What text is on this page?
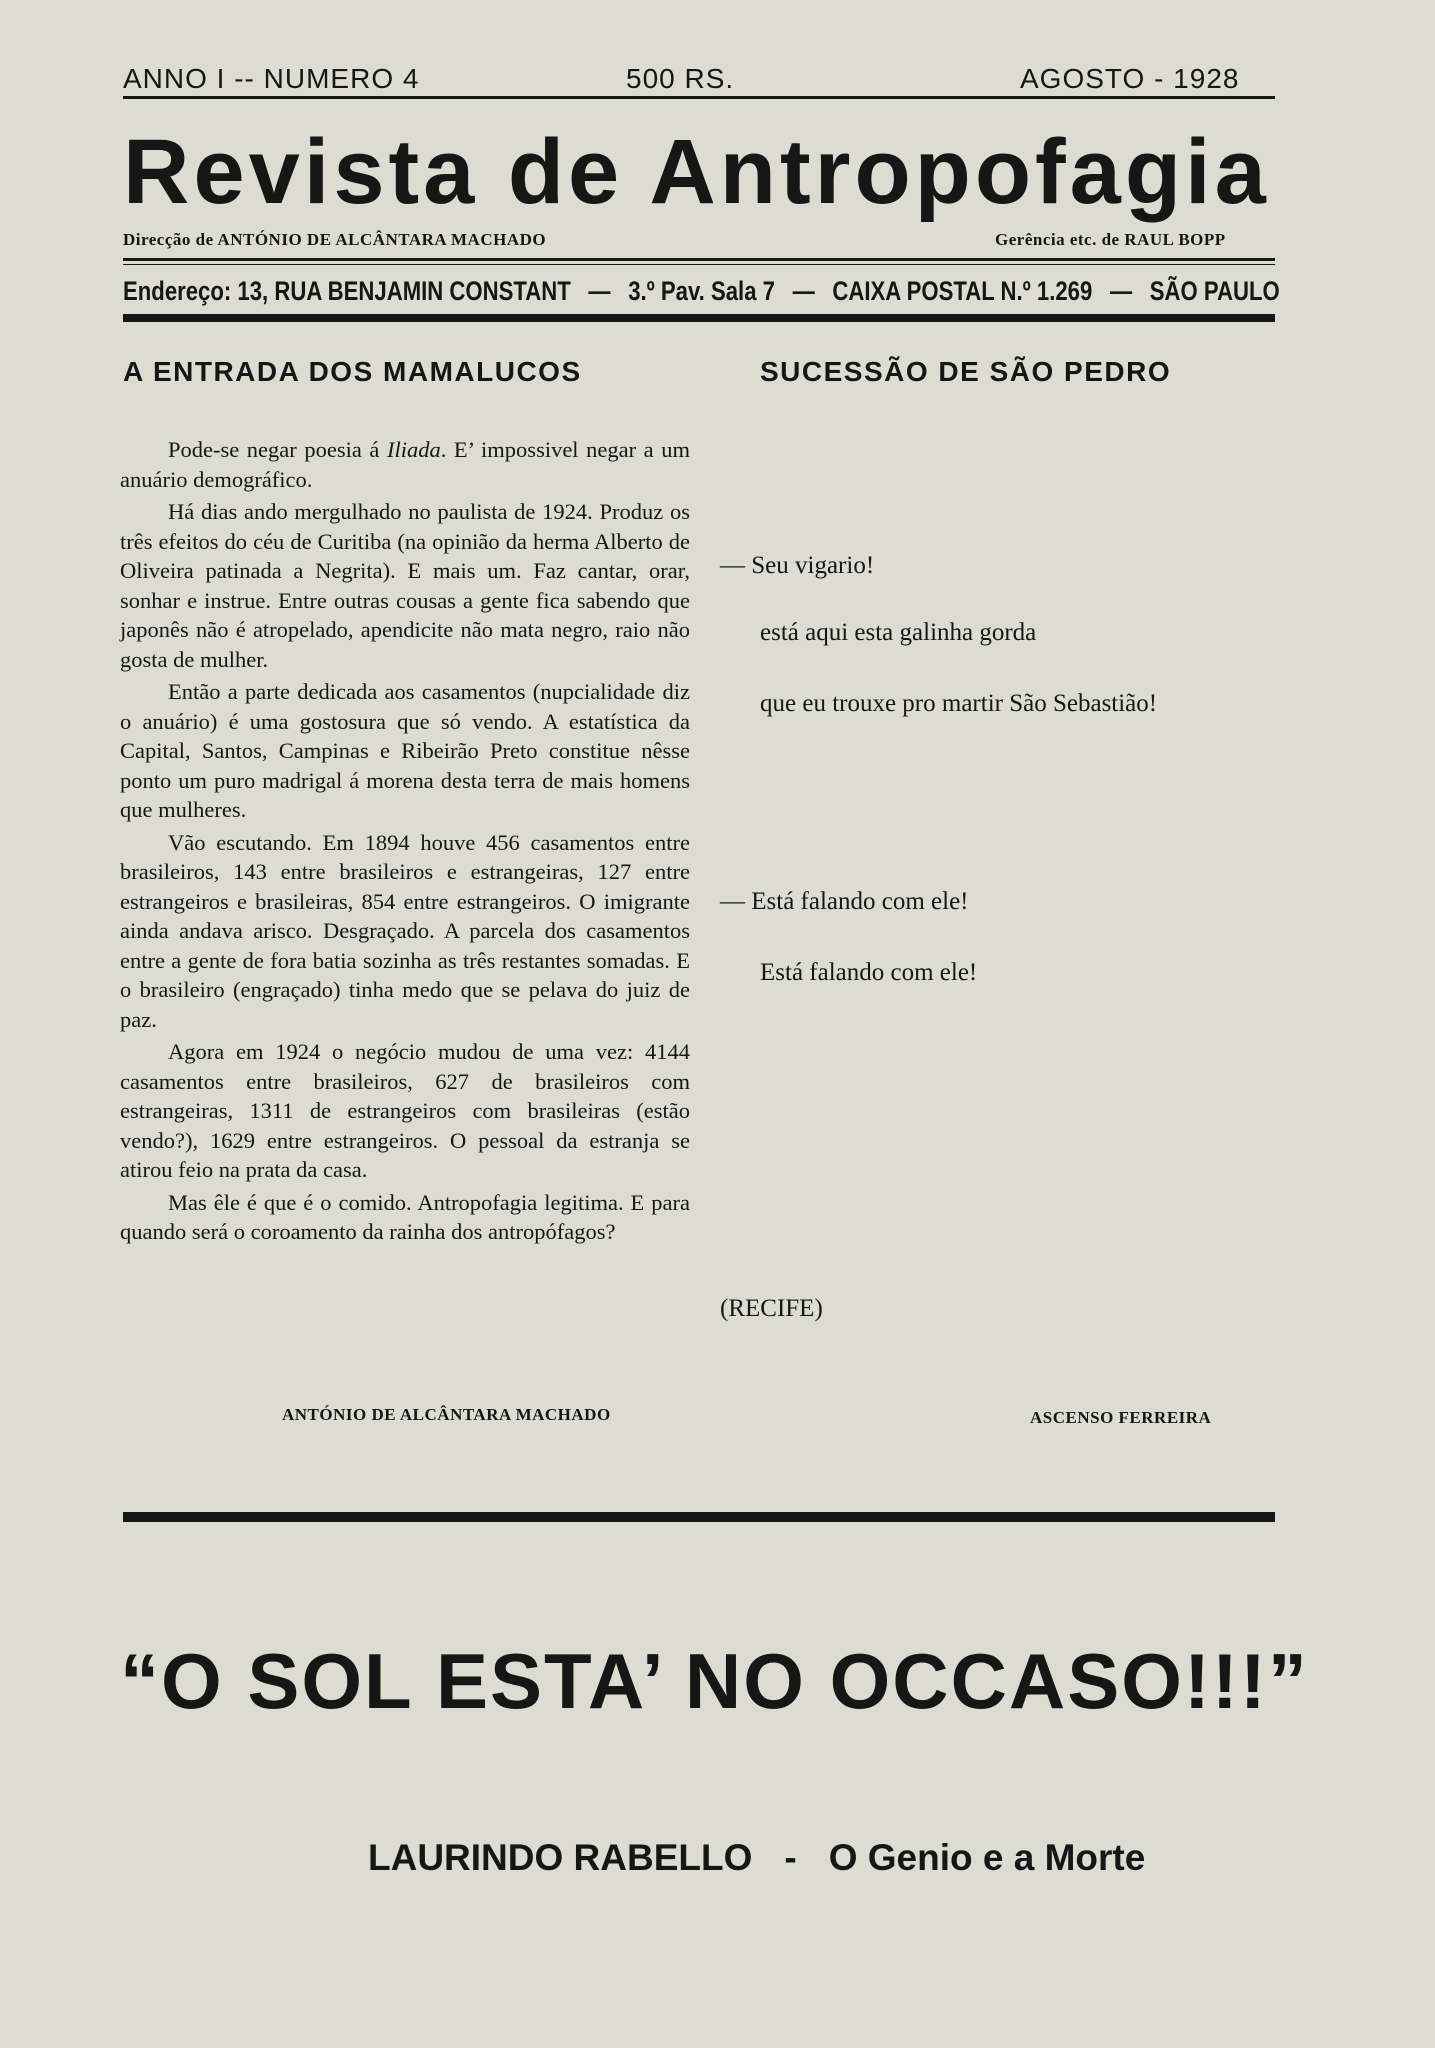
ANNO I -- NUMERO 4	500 RS.	AGOSTO - 1928
Revista de Antropofagia
Direcção de ANTÓNIO DE ALCÂNTARA MACHADO	Gerência etc. de RAUL BOPP
Endereço: 13, RUA BENJAMIN CONSTANT — 3.º Pav. Sala 7 — CAIXA POSTAL N.º 1.269 — SÃO PAULO
A ENTRADA DOS MAMALUCOS

Pode-se negar poesia á Iliada. E’ impossivel negar a um anuário demográfico.

Há dias ando mergulhado no paulista de 1924. Produz os três efeitos do céu de Curitiba (na opinião da herma Alberto de Oliveira patinada a Negrita). E mais um. Faz cantar, orar, sonhar e instrue. Entre outras cousas a gente fica sabendo que japonês não é atropelado, apendicite não mata negro, raio não gosta de mulher.

Então a parte dedicada aos casamentos (nupcialidade diz o anuário) é uma gostosura que só vendo. A estatística da Capital, Santos, Campinas e Ribeirão Preto constitue nêsse ponto um puro madrigal á morena desta terra de mais homens que mulheres.

Vão escutando. Em 1894 houve 456 casamentos entre brasileiros, 143 entre brasileiros e estrangeiras, 127 entre estrangeiros e brasileiras, 854 entre estrangeiros. O imigrante ainda andava arisco. Desgraçado. A parcela dos casamentos entre a gente de fora batia sozinha as três restantes somadas. E o brasileiro (engraçado) tinha medo que se pelava do juiz de paz.

Agora em 1924 o negócio mudou de uma vez: 4144 casamentos entre brasileiros, 627 de brasileiros com estrangeiras, 1311 de estrangeiros com brasileiras (estão vendo?), 1629 entre estrangeiros. O pessoal da estranja se atirou feio na prata da casa.

Mas êle é que é o comido. Antropofagia legitima. E para quando será o coroamento da rainha dos antropófagos?

ANTÓNIO DE ALCÂNTARA MACHADO
SUCESSÃO DE SÃO PEDRO
— Seu vigario!
está aqui esta galinha gorda
que eu trouxe pro martir São Sebastião!
— Está falando com ele!
Está falando com ele!
(RECIFE)
ASCENSO FERREIRA
“O SOL ESTA’ NO OCCASO!!!”
LAURINDO RABELLO - O Genio e a Morte
